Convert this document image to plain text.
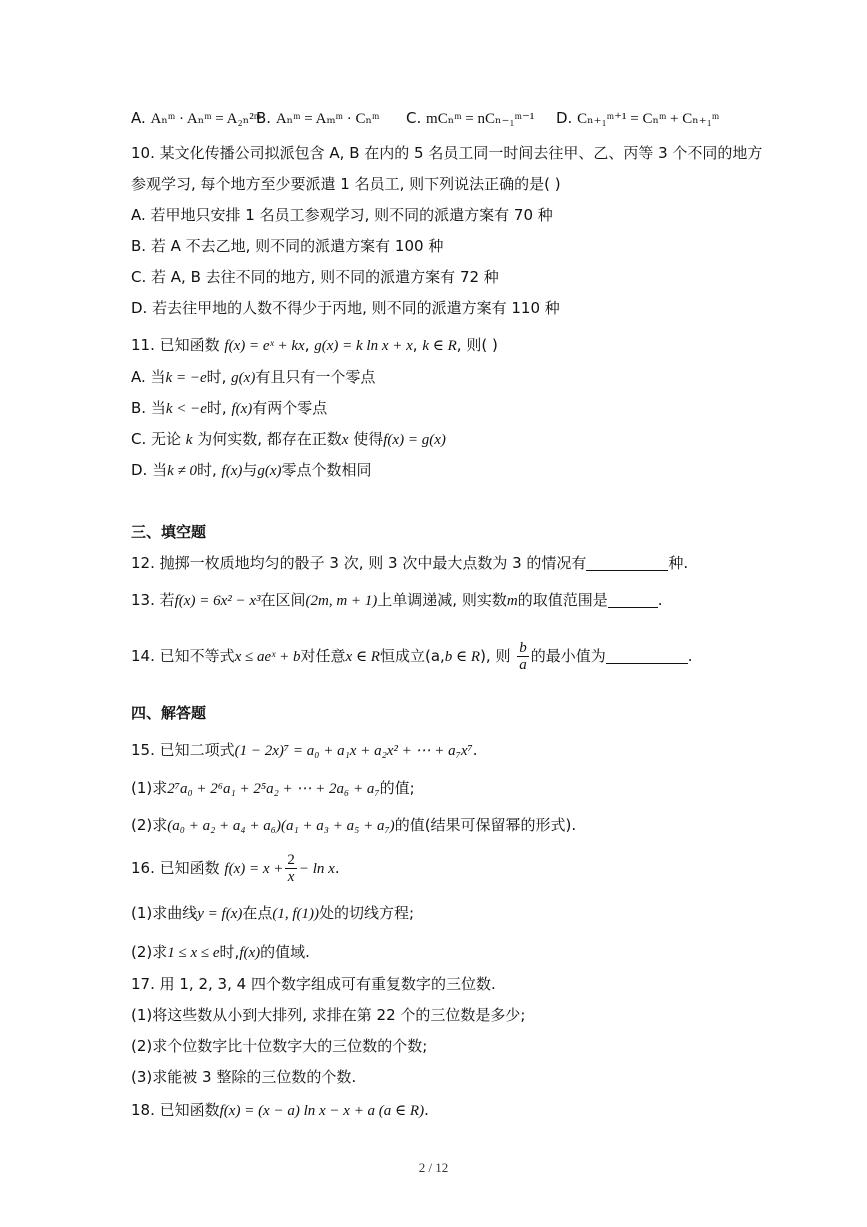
A. Aₙᵐ · Aₙᵐ = A₂ₙ²ᵐ
B. Aₙᵐ = Aₘᵐ · Cₙᵐ C. mCₙᵐ = nCₙ₋₁ᵐ⁻¹ D. Cₙ₊₁ᵐ⁺¹ = Cₙᵐ + Cₙ₊₁ᵐ
10. 某文化传播公司拟派包含 A, B 在内的 5 名员工同一时间去往甲、乙、丙等 3 个不同的地方
参观学习, 每个地方至少要派遣 1 名员工, 则下列说法正确的是( )
A. 若甲地只安排 1 名员工参观学习, 则不同的派遣方案有 70 种
B. 若 A 不去乙地, 则不同的派遣方案有 100 种
C. 若 A, B 去往不同的地方, 则不同的派遣方案有 72 种
D. 若去往甲地的人数不得少于丙地, 则不同的派遣方案有 110 种
11. 已知函数 f(x) = eˣ + kx, g(x) = k ln x + x, k ∈ R, 则( )
A. 当k = −e时, g(x)有且只有一个零点
B. 当k < −e时, f(x)有两个零点
C. 无论 k 为何实数, 都存在正数x 使得f(x) = g(x)
D. 当k ≠ 0时, f(x)与g(x)零点个数相同
三、填空题
12. 抛掷一枚质地均匀的骰子 3 次, 则 3 次中最大点数为 3 的情况有	种.
13. 若f(x) = 6x² − x³在区间(2m, m + 1)上单调递减, 则实数m的取值范围是	.
14. 已知不等式x ≤ aeˣ + b对任意x ∈ R恒成立(a,b ∈ R), 则 $\frac{b}{a}$ 的最小值为	.
四、解答题
15. 已知二项式(1 − 2x)⁷ = a₀ + a₁x + a₂x² + ⋯ + a₇x⁷.
(1)求2⁷a₀ + 2⁶a₁ + 2⁵a₂ + ⋯ + 2a₆ + a₇的值;
(2)求(a₀ + a₂ + a₄ + a₆)(a₁ + a₃ + a₅ + a₇)的值(结果可保留幂的形式).
16. 已知函数 $f(x) = x + \frac{2}{x} - \ln x$.
(1)求曲线y = f(x)在点(1, f(1))处的切线方程;
(2)求1 ≤ x ≤ e时,f(x)的值域.
17. 用 1, 2, 3, 4 四个数字组成可有重复数字的三位数.
(1)将这些数从小到大排列, 求排在第 22 个的三位数是多少;
(2)求个位数字比十位数字大的三位数的个数;
(3)求能被 3 整除的三位数的个数.
18. 已知函数f(x) = (x − a) ln x − x + a (a ∈ R).
2 / 12
